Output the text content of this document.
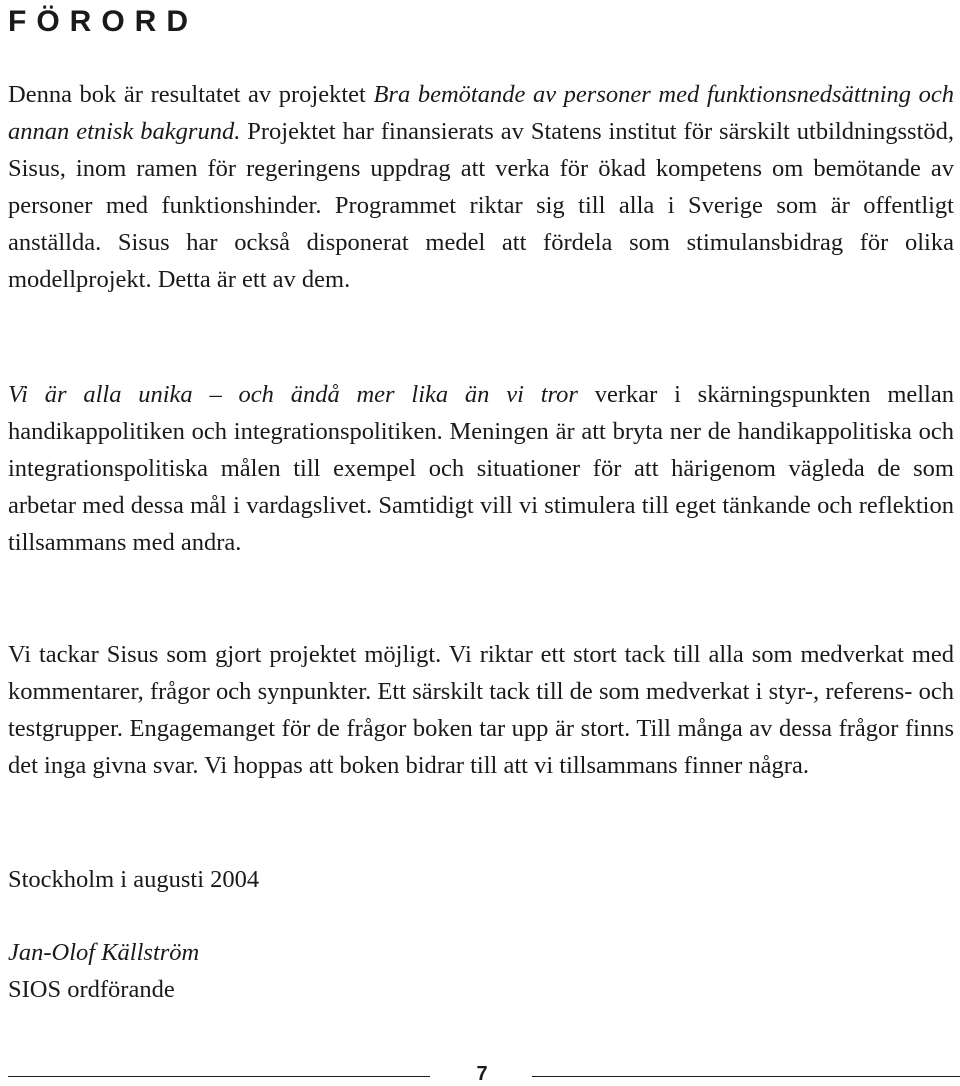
FÖRORD

Denna bok är resultatet av projektet Bra bemötande av personer med funktionsnedsättning och annan etnisk bakgrund. Projektet har finansierats av Statens institut för särskilt utbildningsstöd, Sisus, inom ramen för regeringens uppdrag att verka för ökad kompetens om bemötande av personer med funktionshinder. Programmet riktar sig till alla i Sverige som är offentligt anställda. Sisus har också disponerat medel att fördela som stimulansbidrag för olika modellprojekt. Detta är ett av dem.

Vi är alla unika – och ändå mer lika än vi tror verkar i skärningspunkten mellan handikappolitiken och integrationspolitiken. Meningen är att bryta ner de handikappolitiska och integrationspolitiska målen till exempel och situationer för att härigenom vägleda de som arbetar med dessa mål i vardagslivet. Samtidigt vill vi stimulera till eget tänkande och reflektion tillsammans med andra.

Vi tackar Sisus som gjort projektet möjligt. Vi riktar ett stort tack till alla som medverkat med kommentarer, frågor och synpunkter. Ett särskilt tack till de som medverkat i styr-, referens- och testgrupper. Engagemanget för de frågor boken tar upp är stort. Till många av dessa frågor finns det inga givna svar. Vi hoppas att boken bidrar till att vi tillsammans finner några.

Stockholm i augusti 2004
Jan-Olof Källström
SIOS ordförande
7
